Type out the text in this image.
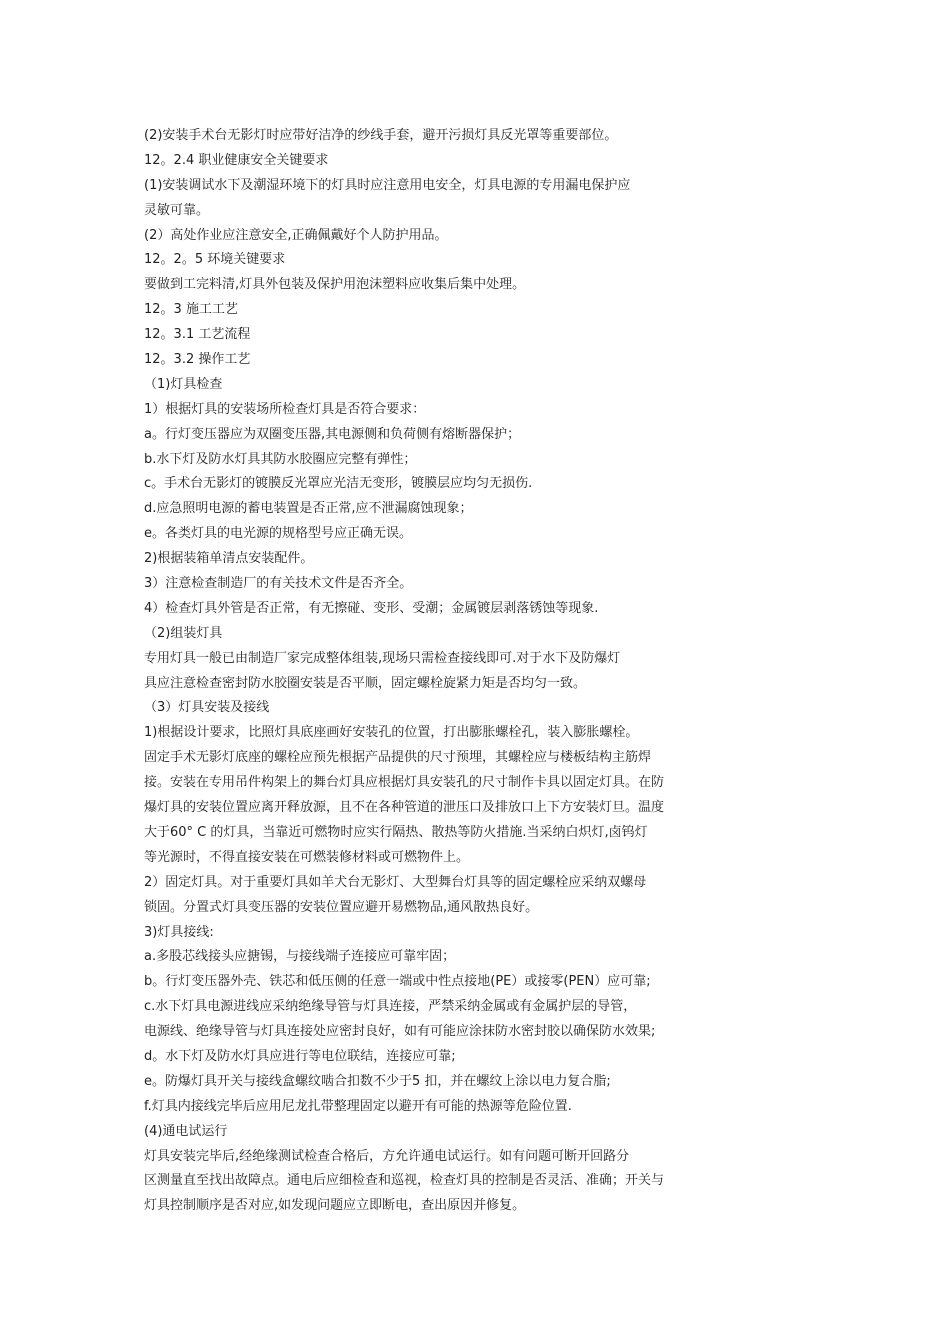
(2)安装手术台无影灯时应带好洁净的纱线手套，避开污损灯具反光罩等重要部位。
12。2.4 职业健康安全关键要求
(1)安装调试水下及潮湿环境下的灯具时应注意用电安全，灯具电源的专用漏电保护应
灵敏可靠。
(2）高处作业应注意安全,正确佩戴好个人防护用品。
12。2。5 环境关键要求
要做到工完料清,灯具外包装及保护用泡沫塑料应收集后集中处理。
12。3 施工工艺
12。3.1 工艺流程
12。3.2 操作工艺
（1)灯具检查
1）根据灯具的安装场所检查灯具是否符合要求：
a。行灯变压器应为双圈变压器,其电源侧和负荷侧有熔断器保护；
b.水下灯及防水灯具其防水胶圈应完整有弹性；
c。手术台无影灯的镀膜反光罩应光洁无变形，镀膜层应均匀无损伤.
d.应急照明电源的蓄电装置是否正常,应不泄漏腐蚀现象；
e。各类灯具的电光源的规格型号应正确无误。
2)根据装箱单清点安装配件。
3）注意检查制造厂的有关技术文件是否齐全。
4）检查灯具外管是否正常，有无擦碰、变形、受潮；金属镀层剥落锈蚀等现象.
（2)组装灯具
专用灯具一般已由制造厂家完成整体组装,现场只需检查接线即可.对于水下及防爆灯
具应注意检查密封防水胶圈安装是否平顺，固定螺栓旋紧力矩是否均匀一致。
（3）灯具安装及接线
1)根据设计要求，比照灯具底座画好安装孔的位置，打出膨胀螺栓孔，装入膨胀螺栓。
固定手术无影灯底座的螺栓应预先根据产品提供的尺寸预埋，其螺栓应与楼板结构主筋焊
接。安装在专用吊件构架上的舞台灯具应根据灯具安装孔的尺寸制作卡具以固定灯具。在防
爆灯具的安装位置应离开释放源，且不在各种管道的泄压口及排放口上下方安装灯旦。温度
大于60° C 的灯具，当靠近可燃物时应实行隔热、散热等防火措施.当采纳白炽灯,卤钨灯
等光源时，不得直接安装在可燃装修材料或可燃物件上。
2）固定灯具。对于重要灯具如羊犬台无影灯、大型舞台灯具等的固定螺栓应采纳双螺母
锁固。分置式灯具变压器的安装位置应避开易燃物品,通风散热良好。
3)灯具接线:
a.多股芯线接头应搪锡，与接线端子连接应可靠牢固；
b。行灯变压器外壳、铁芯和低压侧的任意一端或中性点接地(PE）或接零(PEN）应可靠;
c.水下灯具电源进线应采纳绝缘导管与灯具连接，严禁采纳金属或有金属护层的导管，
电源线、绝缘导管与灯具连接处应密封良好，如有可能应涂抹防水密封胶以确保防水效果;
d。水下灯及防水灯具应进行等电位联结，连接应可靠;
e。防爆灯具开关与接线盒螺纹啮合扣数不少于5 扣，并在螺纹上涂以电力复合脂;
f.灯具内接线完毕后应用尼龙扎带整理固定以避开有可能的热源等危险位置.
(4)通电试运行
灯具安装完毕后,经绝缘测试检查合格后，方允许通电试运行。如有问题可断开回路分
区测量直至找出故障点。通电后应细检查和巡视，检查灯具的控制是否灵活、准确；开关与
灯具控制顺序是否对应,如发现问题应立即断电，查出原因并修复。
